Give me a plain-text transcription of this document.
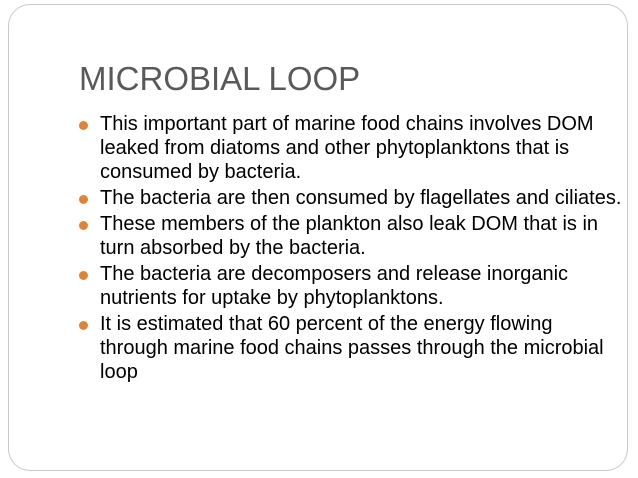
MICROBIAL LOOP
This important part of marine food chains involves DOM leaked from diatoms and other phytoplanktons that is consumed by bacteria.
The bacteria are then consumed by flagellates and ciliates.
These members of the plankton also leak DOM that is in turn absorbed by the bacteria.
The bacteria are decomposers and release inorganic nutrients for uptake by phytoplanktons.
It is estimated that 60 percent of the energy flowing through marine food chains passes through the microbial loop
